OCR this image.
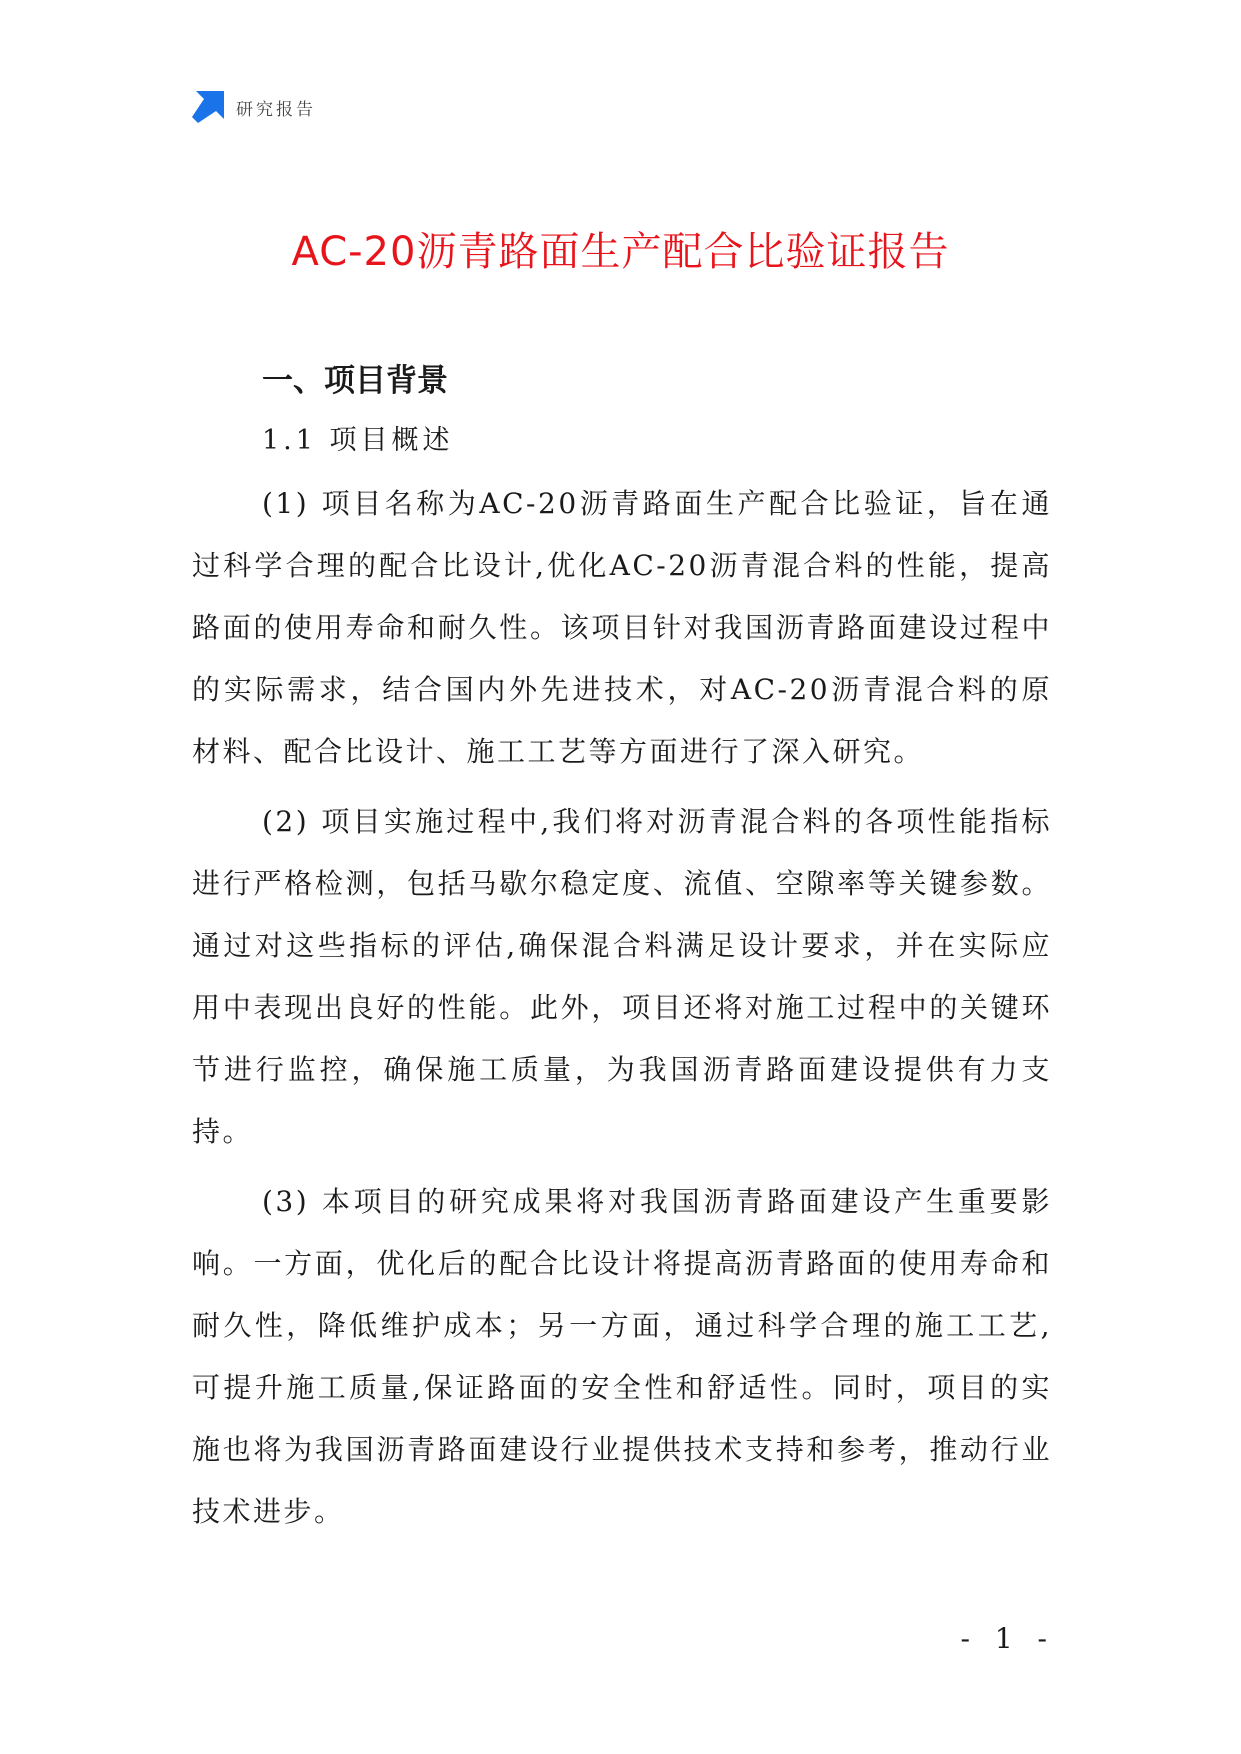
研究报告
AC-20沥青路面生产配合比验证报告
一、项目背景
1.1 项目概述

(1) 项目名称为AC-20沥青路面生产配合比验证，旨在通过科学合理的配合比设计,优化AC-20沥青混合料的性能，提高路面的使用寿命和耐久性。该项目针对我国沥青路面建设过程中的实际需求，结合国内外先进技术，对AC-20沥青混合料的原材料、配合比设计、施工工艺等方面进行了深入研究。

(2) 项目实施过程中,我们将对沥青混合料的各项性能指标进行严格检测，包括马歇尔稳定度、流值、空隙率等关键参数。通过对这些指标的评估,确保混合料满足设计要求，并在实际应用中表现出良好的性能。此外，项目还将对施工过程中的关键环节进行监控，确保施工质量，为我国沥青路面建设提供有力支持。

(3) 本项目的研究成果将对我国沥青路面建设产生重要影响。一方面，优化后的配合比设计将提高沥青路面的使用寿命和耐久性，降低维护成本；另一方面，通过科学合理的施工工艺,可提升施工质量,保证路面的安全性和舒适性。同时，项目的实施也将为我国沥青路面建设行业提供技术支持和参考，推动行业技术进步。

- 1 -
